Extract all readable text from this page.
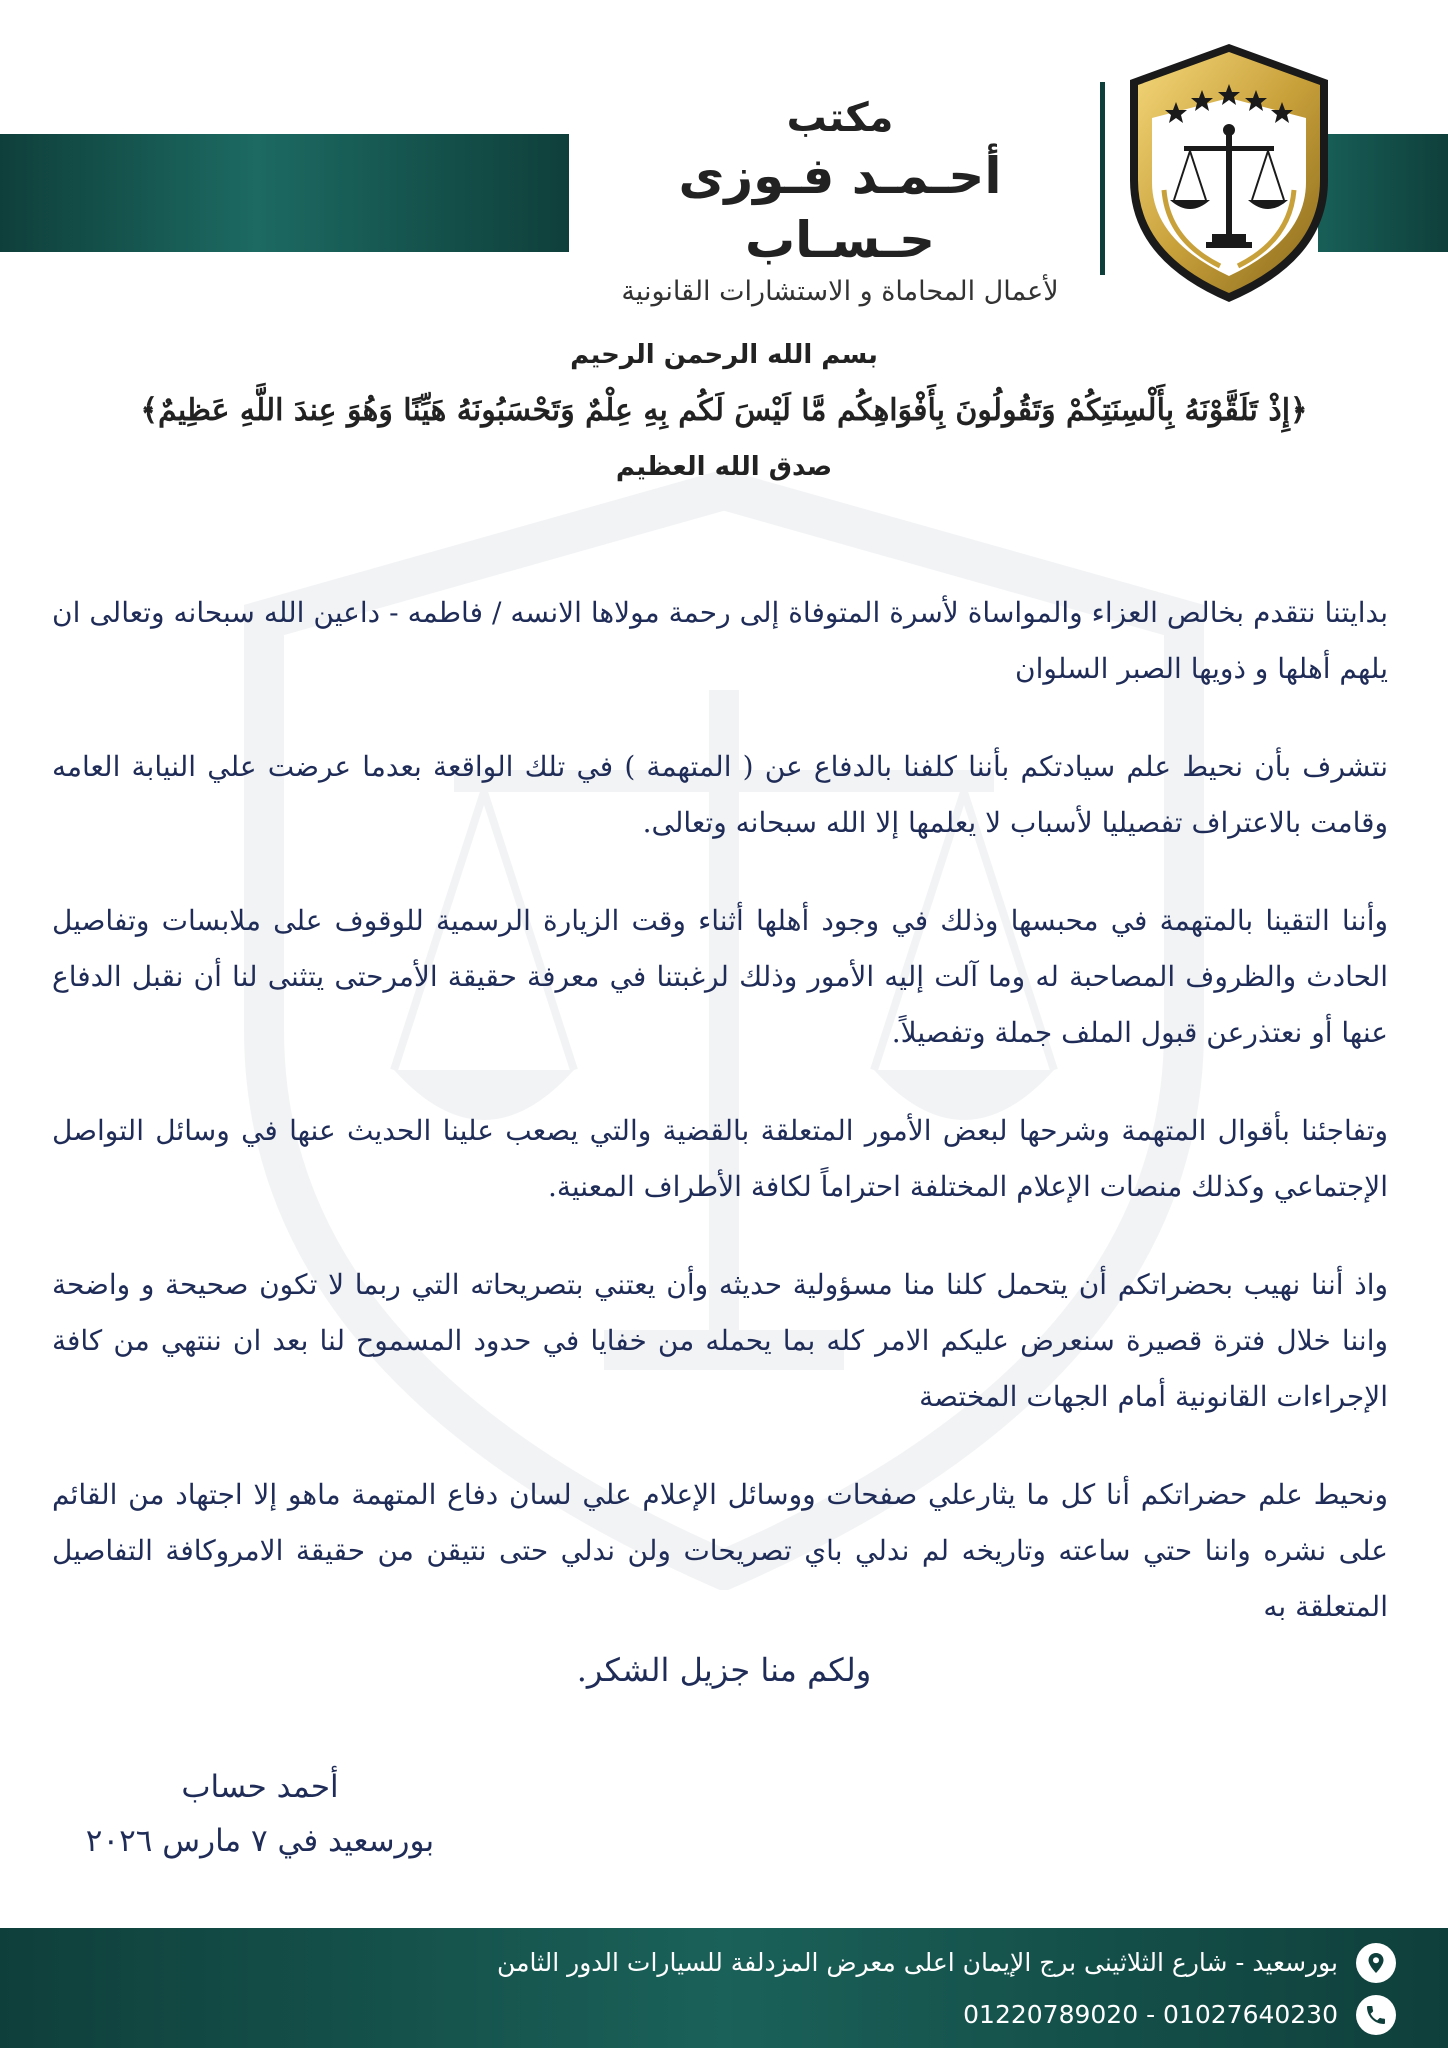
مكتب
أحـمـد فـوزى حـسـاب
لأعمال المحاماة و الاستشارات القانونية
بسم الله الرحمن الرحيم
﴿إِذْ تَلَقَّوْنَهُ بِأَلْسِنَتِكُمْ وَتَقُولُونَ بِأَفْوَاهِكُم مَّا لَيْسَ لَكُم بِهِ عِلْمٌ وَتَحْسَبُونَهُ هَيِّنًا وَهُوَ عِندَ اللَّهِ عَظِيمٌ﴾
صدق الله العظيم

بدايتنا نتقدم بخالص العزاء والمواساة لأسرة المتوفاة إلى رحمة مولاها الانسه / فاطمه - داعين الله سبحانه وتعالى ان يلهم أهلها و ذويها الصبر السلوان

نتشرف بأن نحيط علم سيادتكم بأننا كلفنا بالدفاع عن ( المتهمة ) في تلك الواقعة بعدما عرضت علي النيابة العامه وقامت بالاعتراف تفصيليا لأسباب لا يعلمها إلا الله سبحانه وتعالى.

وأننا التقينا بالمتهمة في محبسها وذلك في وجود أهلها أثناء وقت الزيارة الرسمية للوقوف على ملابسات وتفاصيل الحادث والظروف المصاحبة له وما آلت إليه الأمور وذلك لرغبتنا في معرفة حقيقة الأمرحتى يتثنى لنا أن نقبل الدفاع عنها أو نعتذرعن قبول الملف جملة وتفصيلاً.

وتفاجئنا بأقوال المتهمة وشرحها لبعض الأمور المتعلقة بالقضية والتي يصعب علينا الحديث عنها في وسائل التواصل الإجتماعي وكذلك منصات الإعلام المختلفة احتراماً لكافة الأطراف المعنية.

واذ أننا نهيب بحضراتكم أن يتحمل كلنا منا مسؤولية حديثه وأن يعتني بتصريحاته التي ربما لا تكون صحيحة و واضحة واننا خلال فترة قصيرة سنعرض عليكم الامر كله بما يحمله من خفايا في حدود المسموح لنا بعد ان ننتهي من كافة الإجراءات القانونية أمام الجهات المختصة

ونحيط علم حضراتكم أنا كل ما يثارعلي صفحات ووسائل الإعلام علي لسان دفاع المتهمة ماهو إلا اجتهاد من القائم على نشره واننا حتي ساعته وتاريخه لم ندلي باي تصريحات ولن ندلي حتى نتيقن من حقيقة الامروكافة التفاصيل المتعلقة به

ولكم منا جزيل الشكر.
أحمد حساب
بورسعيد في ٧ مارس ٢٠٢٦
بورسعيد - شارع الثلاثينى برج الإيمان اعلى معرض المزدلفة للسيارات الدور الثامن
01220789020 - 01027640230
